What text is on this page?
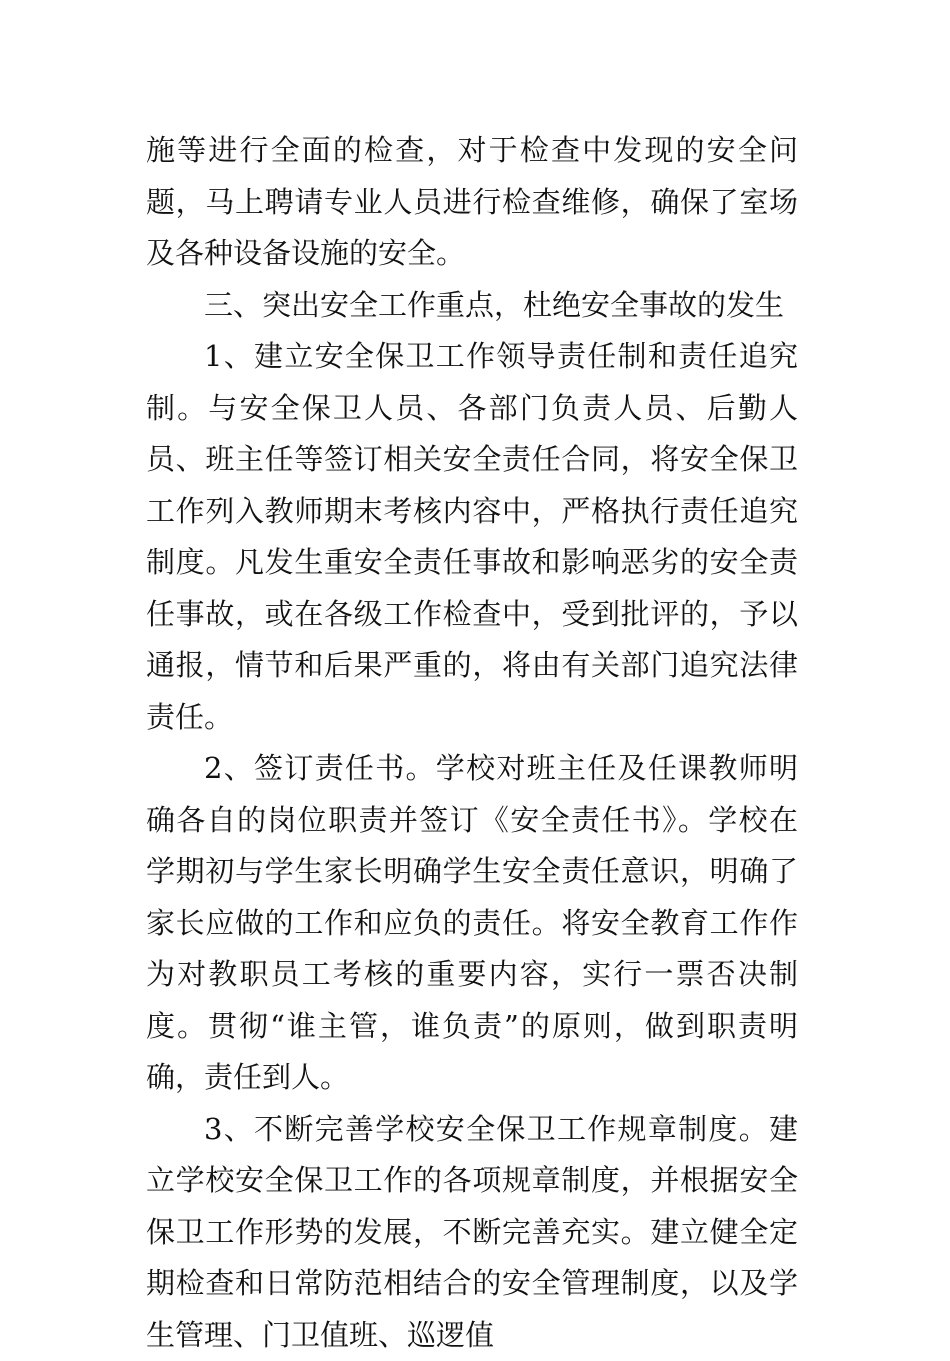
施等进行全面的检查，对于检查中发现的安全问题，马上聘请专业人员进行检查维修，确保了室场及各种设备设施的安全。

三、突出安全工作重点，杜绝安全事故的发生

1、建立安全保卫工作领导责任制和责任追究制。与安全保卫人员、各部门负责人员、后勤人员、班主任等签订相关安全责任合同，将安全保卫工作列入教师期末考核内容中，严格执行责任追究制度。凡发生重安全责任事故和影响恶劣的安全责任事故，或在各级工作检查中，受到批评的，予以通报，情节和后果严重的，将由有关部门追究法律责任。

2、签订责任书。学校对班主任及任课教师明确各自的岗位职责并签订《安全责任书》。学校在学期初与学生家长明确学生安全责任意识，明确了家长应做的工作和应负的责任。将安全教育工作作为对教职员工考核的重要内容，实行一票否决制度。贯彻“谁主管，谁负责”的原则，做到职责明确，责任到人。

3、不断完善学校安全保卫工作规章制度。建立学校安全保卫工作的各项规章制度，并根据安全保卫工作形势的发展，不断完善充实。建立健全定期检查和日常防范相结合的安全管理制度，以及学生管理、门卫值班、巡逻值
